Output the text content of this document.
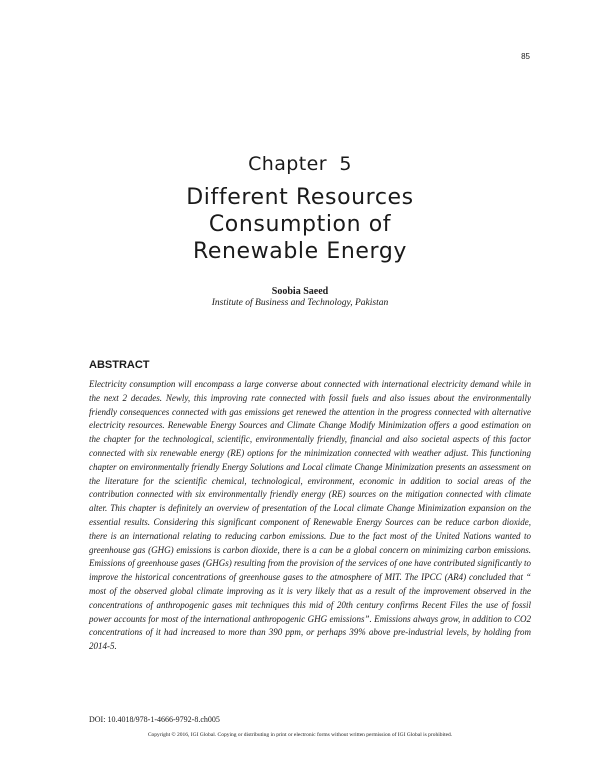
85
Chapter 5
Different Resources
Consumption of
Renewable Energy
Soobia Saeed
Institute of Business and Technology, Pakistan
ABSTRACT

Electricity consumption will encompass a large converse about connected with international electricity demand while in the next 2 decades. Newly, this improving rate connected with fossil fuels and also issues about the environmentally friendly consequences connected with gas emissions get renewed the attention in the progress connected with alternative electricity resources. Renewable Energy Sources and Climate Change Modify Minimization offers a good estimation on the chapter for the technological, scientific, environmentally friendly, financial and also societal aspects of this factor connected with six renewable energy (RE) options for the minimization connected with weather adjust. This functioning chapter on environmentally friendly Energy Solutions and Local climate Change Minimization presents an assessment on the literature for the scientific chemical, technological, environment, economic in addition to social areas of the contribution connected with six environmentally friendly energy (RE) sources on the mitigation connected with climate alter. This chapter is definitely an overview of presentation of the Local climate Change Minimization expansion on the essential results. Considering this significant component of Renewable Energy Sources can be reduce carbon dioxide, there is an international relating to reducing carbon emissions. Due to the fact most of the United Nations wanted to greenhouse gas (GHG) emissions is carbon dioxide, there is a can be a global concern on minimizing carbon emissions. Emissions of greenhouse gases (GHGs) resulting from the provision of the services of one have contributed significantly to improve the historical concentrations of greenhouse gases to the atmosphere of MIT. The IPCC (AR4) concluded that “ most of the observed global climate improving as it is very likely that as a result of the improvement observed in the concentrations of anthropogenic gases mit techniques this mid of 20th century confirms Recent Files the use of fossil power accounts for most of the international anthropogenic GHG emissions”. Emissions always grow, in addition to CO2 concentrations of it had increased to more than 390 ppm, or perhaps 39% above pre-industrial levels, by holding from 2014-5.

DOI: 10.4018/978-1-4666-9792-8.ch005
Copyright © 2016, IGI Global. Copying or distributing in print or electronic forms without written permission of IGI Global is prohibited.
